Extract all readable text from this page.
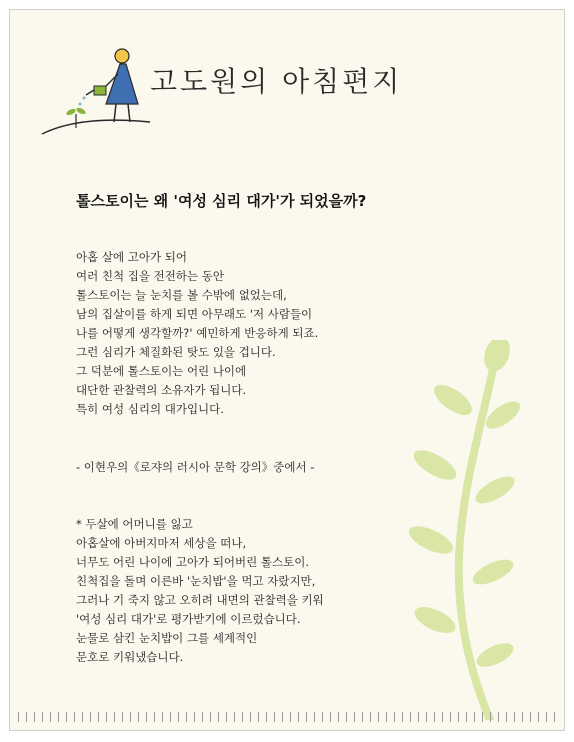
고도원의 아침편지
톨스토이는 왜 '여성 심리 대가'가 되었을까?
아홉 살에 고아가 되어
여러 친척 집을 전전하는 동안
톨스토이는 늘 눈치를 볼 수밖에 없었는데,
남의 집살이를 하게 되면 아무래도 '저 사람들이
나를 어떻게 생각할까?' 예민하게 반응하게 되죠.
그런 심리가 체질화된 탓도 있을 겁니다.
그 덕분에 톨스토이는 어린 나이에
대단한 관찰력의 소유자가 됩니다.
특히 여성 심리의 대가입니다.
- 이현우의《로쟈의 러시아 문학 강의》중에서 -
* 두살에 어머니를 잃고
아홉살에 아버지마저 세상을 떠나,
너무도 어린 나이에 고아가 되어버린 톨스토이.
친척집을 돌며 이른바 '눈치밥'을 먹고 자랐지만,
그러나 기 죽지 않고 오히려 내면의 관찰력을 키워
'여성 심리 대가'로 평가받기에 이르렀습니다.
눈물로 삼킨 눈치밥이 그를 세계적인
문호로 키워냈습니다.
